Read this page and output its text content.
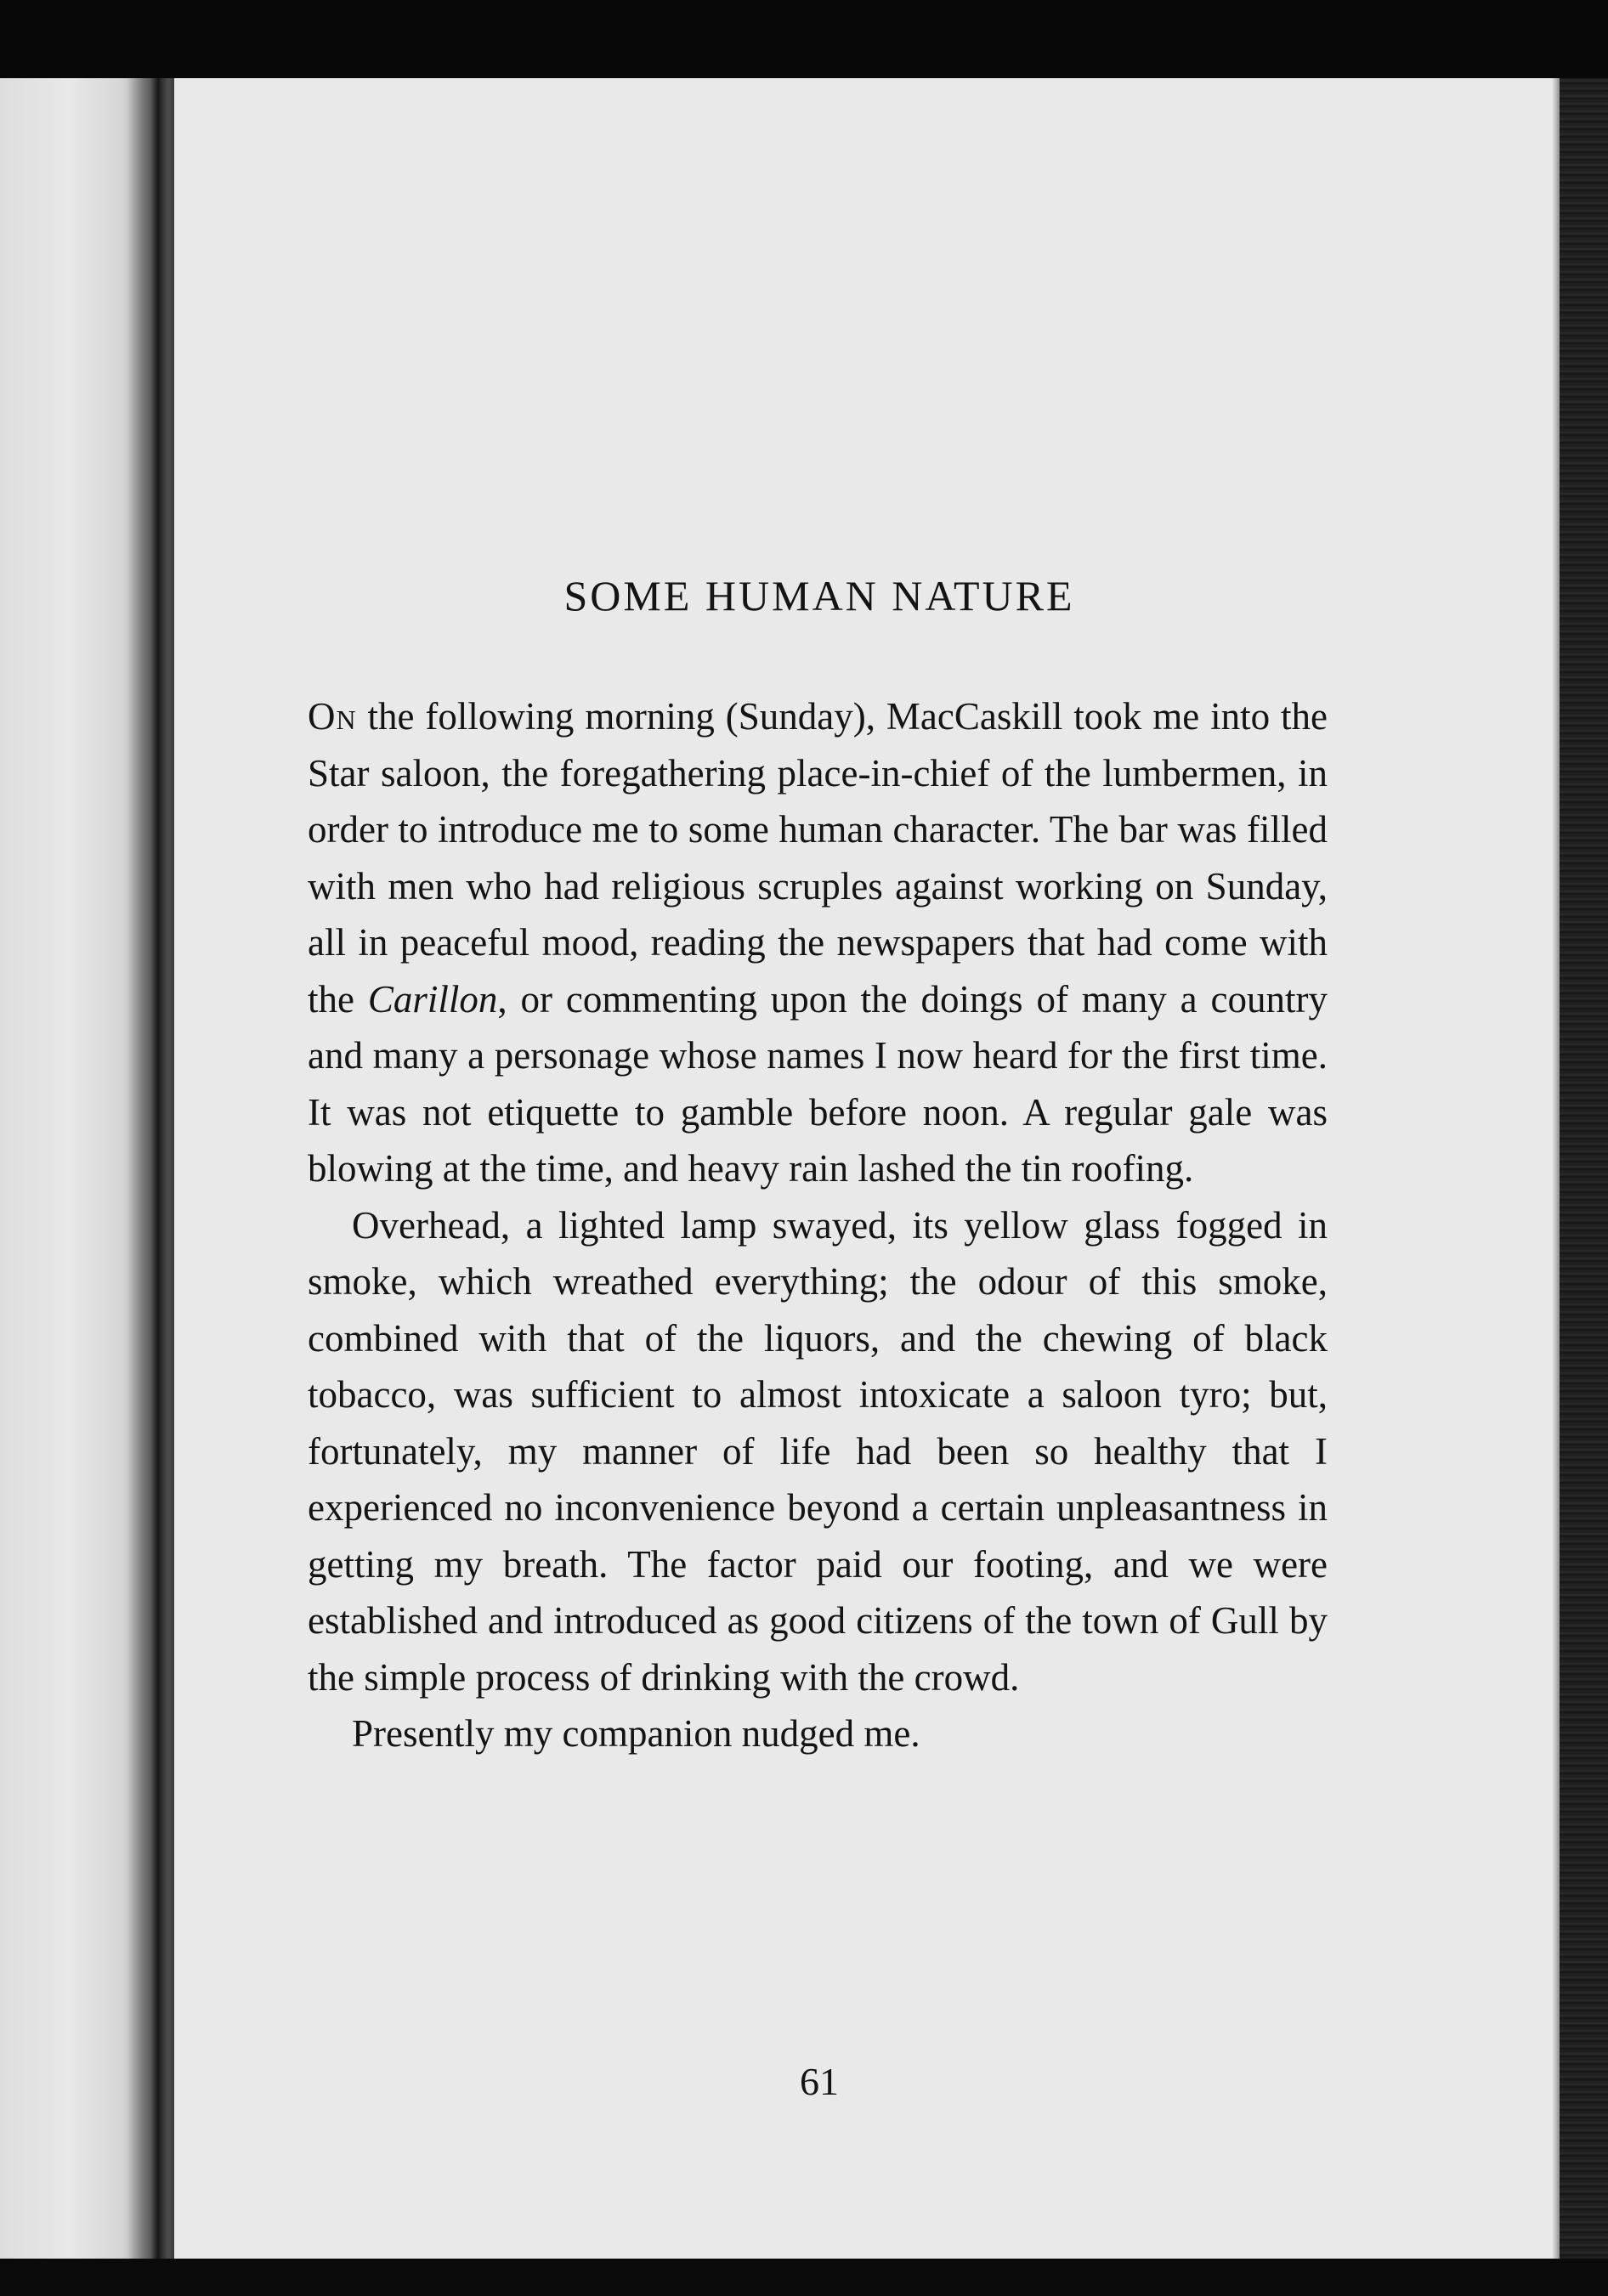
SOME HUMAN NATURE

On the following morning (Sunday), MacCaskill took me into the Star saloon, the foregathering place-in-chief of the lumbermen, in order to introduce me to some human character. The bar was filled with men who had religious scruples against working on Sunday, all in peaceful mood, reading the newspapers that had come with the Carillon, or commenting upon the doings of many a country and many a personage whose names I now heard for the first time. It was not etiquette to gamble before noon. A regular gale was blowing at the time, and heavy rain lashed the tin roofing.

Overhead, a lighted lamp swayed, its yellow glass fogged in smoke, which wreathed everything; the odour of this smoke, combined with that of the liquors, and the chewing of black tobacco, was sufficient to almost intoxicate a saloon tyro; but, fortunately, my manner of life had been so healthy that I experienced no inconvenience beyond a certain unpleasantness in getting my breath. The factor paid our footing, and we were established and introduced as good citizens of the town of Gull by the simple process of drinking with the crowd.

Presently my companion nudged me.

61
